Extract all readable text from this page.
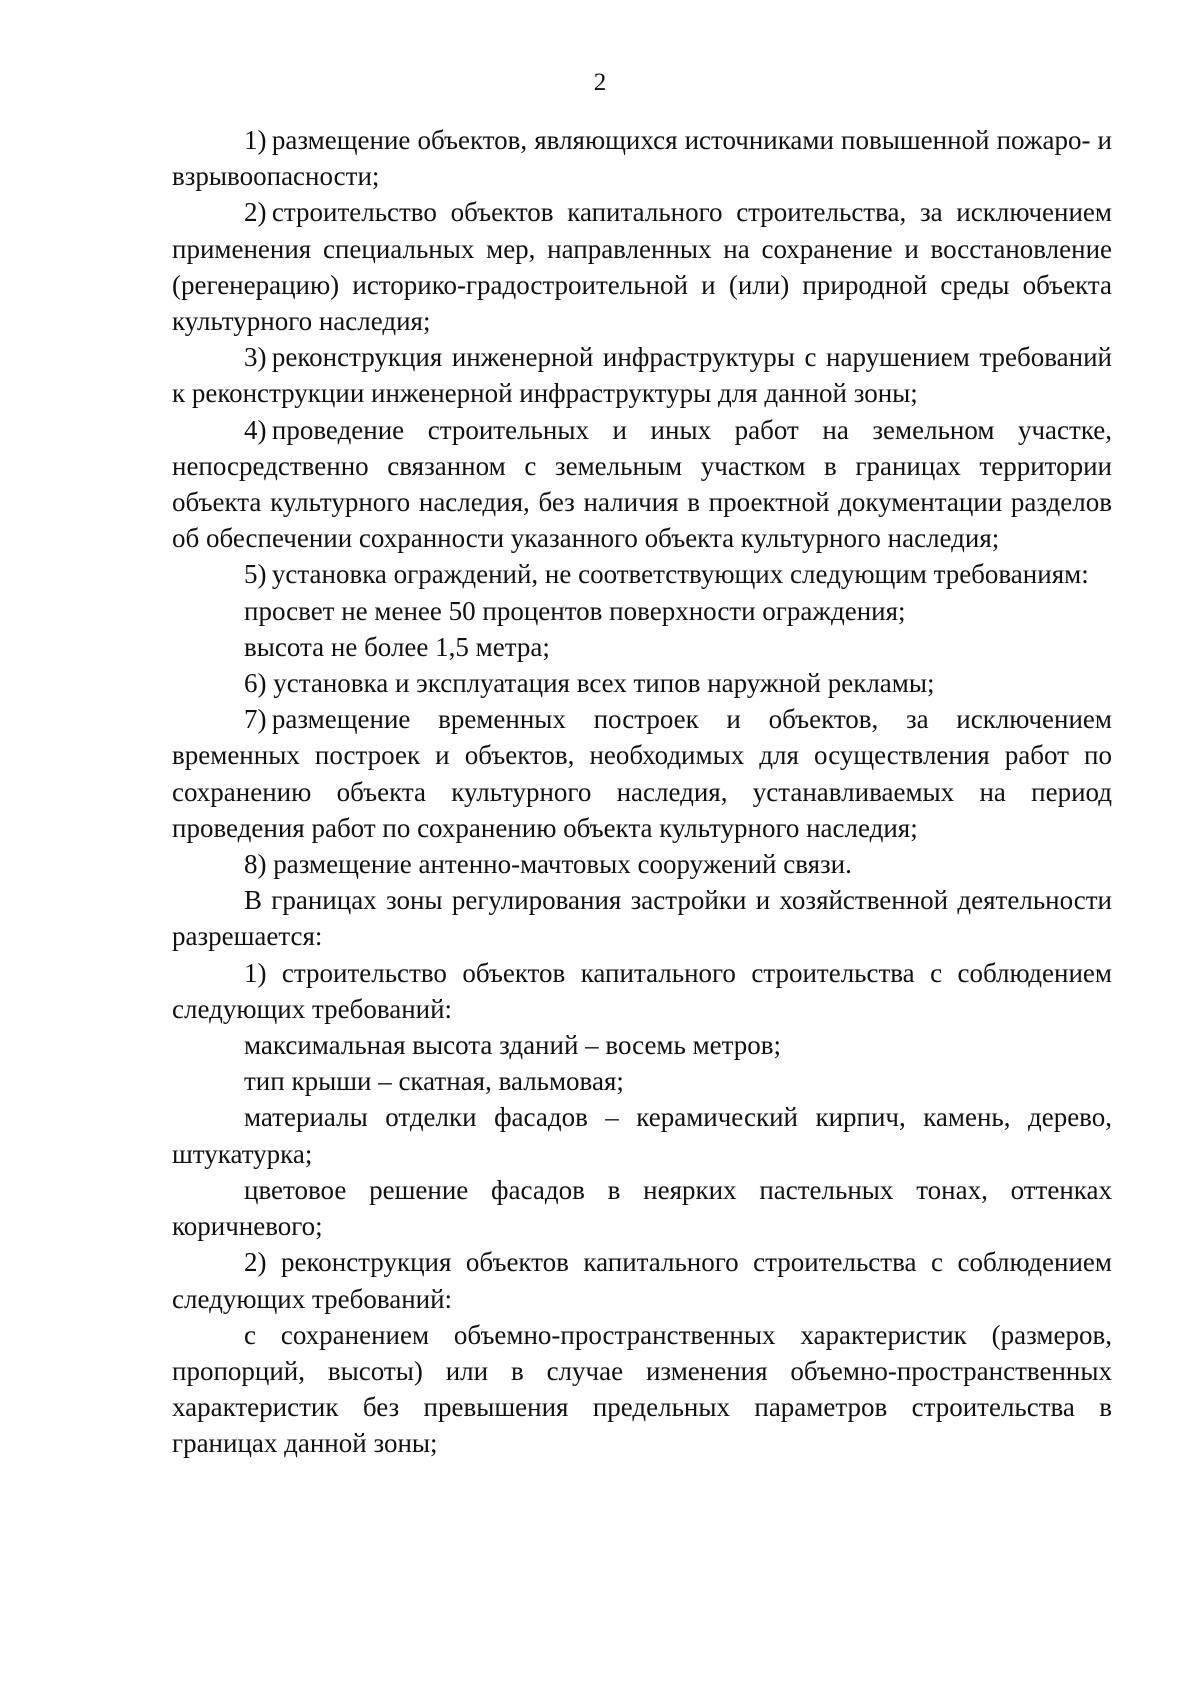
2

1) размещение объектов, являющихся источниками повышенной пожаро- и взрывоопасности;

2) строительство объектов капитального строительства, за исключением применения специальных мер, направленных на сохранение и восстановление (регенерацию) историко-градостроительной и (или) природной среды объекта культурного наследия;

3) реконструкция инженерной инфраструктуры с нарушением требований к реконструкции инженерной инфраструктуры для данной зоны;

4) проведение строительных и иных работ на земельном участке, непосредственно связанном с земельным участком в границах территории объекта культурного наследия, без наличия в проектной документации разделов об обеспечении сохранности указанного объекта культурного наследия;

5) установка ограждений, не соответствующих следующим требованиям:

просвет не менее 50 процентов поверхности ограждения;

высота не более 1,5 метра;

6) установка и эксплуатация всех типов наружной рекламы;

7) размещение временных построек и объектов, за исключением временных построек и объектов, необходимых для осуществления работ по сохранению объекта культурного наследия, устанавливаемых на период проведения работ по сохранению объекта культурного наследия;

8) размещение антенно-мачтовых сооружений связи.

В границах зоны регулирования застройки и хозяйственной деятельности разрешается:

1) строительство объектов капитального строительства с соблюдением следующих требований:

максимальная высота зданий – восемь метров;

тип крыши – скатная, вальмовая;

материалы отделки фасадов – керамический кирпич, камень, дерево, штукатурка;

цветовое решение фасадов в неярких пастельных тонах, оттенках коричневого;

2) реконструкция объектов капитального строительства с соблюдением следующих требований:

с сохранением объемно-пространственных характеристик (размеров, пропорций, высоты) или в случае изменения объемно-пространственных характеристик без превышения предельных параметров строительства в границах данной зоны;
